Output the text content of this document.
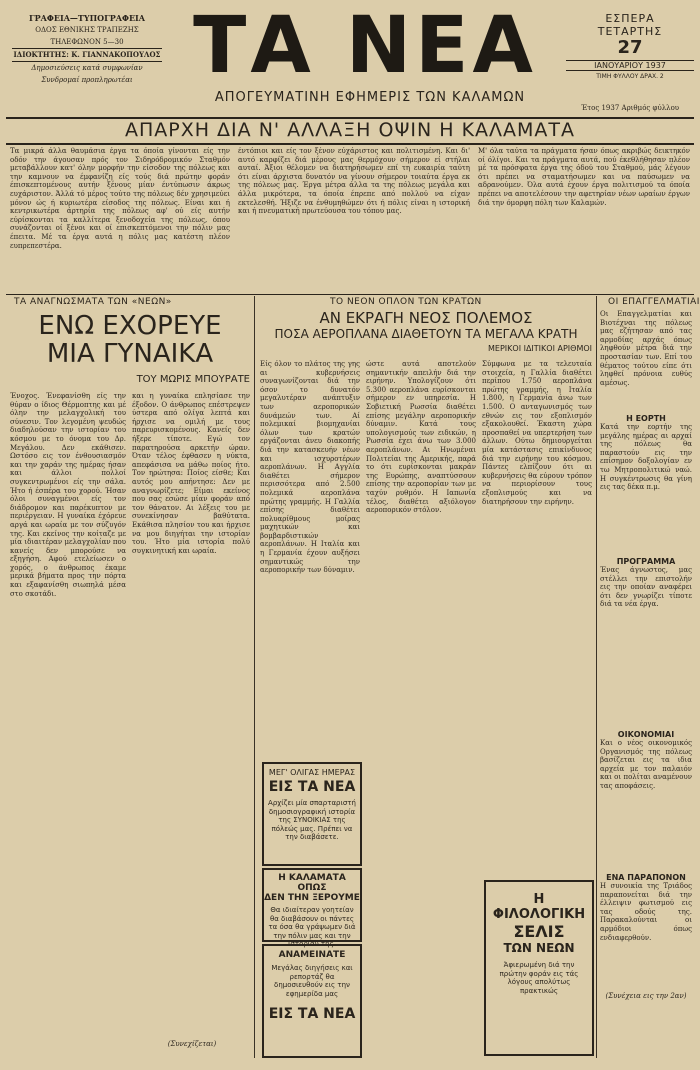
ΓΡΑΦΕΙΑ—ΤΥΠΟΓΡΑΦΕΙΑ
ΟΔΟΣ ΕΘΝΙΚΗΣ ΤΡΑΠΕΖΗΣ
ΤΗΛΕΦΩΝΟΝ 5—30
ΙΔΙΟΚΤΗΤΗΣ: Κ. ΓΙΑΝΝΑΚΟΠΟΥΛΟΣ
Δημοσιεύσεις κατά συμφωνίαν
Συνδρομαί προπληρωτέαι ΤΑ ΝΕΑ
ΑΠΟΓΕΥΜΑΤΙΝΗ ΕΦΗΜΕΡΙΣ ΤΩΝ ΚΑΛΑΜΩΝ
ΕΣΠΕΡΑ
ΤΕΤΑΡΤΗΣ
27
ΙΑΝΟΥΑΡΙΟΥ 1937
ΤΙΜΗ ΦΥΛΛΟΥ ΔΡΑΧ. 2
Έτος 1937 Αριθμός φύλλου
ΑΠΑΡΧΗ ΔΙΑ Ν' ΑΛΛΑΞΗ ΟΨΙΝ Η ΚΑΛΑΜΑΤΑ
Τα μικρά άλλα θαυμάσια έργα τα όποία γίνονται είς την οδόν την άγουσαν πρός τον Σιδηρόδρομικόν Σταθμόν μεταβάλλουν κατ' όλην μορφήν την είσοδον της πόλεως και την καμνουν να έμφανίζη είς τούς διά πρώτην φοράν έπισκεπτομένους αυτήν ξένους μίαν έντύπωσιν άκρως ευχάριστον. Άλλά τό μέρος τούτο της πόλεως δέν χρησιμεύει μόνον ώς ή κυριωτέρα είσοδος της πόλεως. Είναι και ή κεντρικωτέρα άρτηρία της πόλεως αφ' ού είς αυτήν εύρίσκονται τα καλλίτερα ξενοδοχεία της πόλεως, όπου συνάζονται οί ξένοι και οί επισκεπτόμενοι την πόλιν μας έπειτα. Μέ τα έργα αυτά η πόλις μας κατέστη πλέον ευπρεπεστέρα.
έντόπιοι και είς τον ξένον εύχάριστος και πολιτισμένη. Και δι' αυτό καρφίζει διά μέρους μας θερμόχουν σήμερον εί στήλαι αυταί. Άξιοι θέλομεν να διατηρήσωμεν επί τη ευκαιρία ταύτη ότι είναι άρχιστα δυνατόν να γίνουν σήμερον τοιαύτα έργα εκ της πόλεως μας. Έργα μέτρα άλλα τα της πόλεως μεγάλα και άλλα μικρότερα, τα όποία έπρεπε από πολλού να είχαν εκτελεσθή. Ήξιζε να ένθυμηθώμεν ότι ή πόλις είναι η ιστορική και ή πνευματική πρωτεύουσα του τόπου μας.
Μ' όλα ταύτα τα πράγματα ήσαν όπως ακριβώς δεικτηκόν οί όλίγοι. Και τα πράγματα αυτά, πού έκεθλήθησαν πλέον μέ τα πρόσφατα έργα της όδού του Σταθμού, μάς λέγουν ότι πρέπει να σταματήσωμεν και να παύσωμεν να αδρανούμεν. Όλα αυτά έχουν έργα πολιτισμού τα όποία πρέπει να αποτελέσουν την αφετηρίαν νέων ωραίων έργων διά την όμορφη πόλη των Καλαμών.
ΤΑ ΑΝΑΓΝΩΣΜΑΤΑ ΤΩΝ «ΝΕΩΝ»	ΤΟ ΝΕΟΝ ΟΠΛΟΝ ΤΩΝ ΚΡΑΤΩΝ	ΟΙ ΕΠΑΓΓΕΛΜΑΤΙΑΙ
ΕΝΩ ΕΧΟΡΕΥΕ
ΜΙΑ ΓΥΝΑΙΚΑ
ΤΟΥ ΜΩΡΙΣ ΜΠΟΥΡΑΤΕ
Ένοχος. Ένεφανίσθη είς την θύραν ο ίδιος Θέρμοπτης και μέ όλην την μελαγχολική του σύνεσιν. Τον λεγομένη ψευδώς διαδηλούσαν την ιστορίαν του κόσμου με το όνομα του Δρ. Μεγάλου. Δεν εκάθισεν. Ωστόσο εις τον ένθουσιασμόν και την χαράν της ημέρας ήσαν και άλλοι πολλοί συγκεντρωμένοι είς την σάλα. Ήτο ή έσπέρα του χορού. Ήσαν όλοι συναγμένοι είς τον διάδρομον και παρέκυπτον με περιέργειαν. Η γυναίκα έχόρευε αργά και ωραία με τον σύζυγόν της. Και εκείνος την κοίταζε με μία ιδιαιτέραν μελαγχολίαν που κανείς δεν μπορούσε να εξηγήση. Αφού ετελείωσεν ο χορός, ο άνθρωπος έκαμε μερικά βήματα προς την πόρτα και εξαφανίσθη σιωπηλά μέσα στο σκοτάδι.
και η γυναίκα επλησίασε την έξοδον. Ο άνθρωπος επέστρεψεν ύστερα από ολίγα λεπτά και ήρχισε να ομιλή με τους παρευρισκομένους. Κανείς δεν ήξερε τίποτε. Εγώ τον παρατηρούσα αρκετήν ώραν. Όταν τέλος έφθασεν η νύκτα, απεφάσισα να μάθω ποίος ήτο. Τον ηρώτησα: Ποίος είσθε; Και αυτός μου απήντησε: Δεν με αναγνωρίζετε; Είμαι εκείνος που σας εσώσε μίαν φοράν από τον θάνατον. Αι λέξεις του με συνεκίνησαν βαθύτατα. Εκάθισα πλησίον του και ήρχισε να μου διηγήται την ιστορίαν του. Ήτο μία ιστορία πολύ συγκινητική και ωραία.
(Συνεχίζεται)
ΑΝ ΕΚΡΑΓΗ ΝΕΟΣ ΠΟΛΕΜΟΣ
ΠΟΣΑ ΑΕΡΟΠΛΑΝΑ ΔΙΑΘΕΤΟΥΝ ΤΑ ΜΕΓΑΛΑ ΚΡΑΤΗ
ΜΕΡΙΚΟΙ ΙΔΙΤΙΚΟΙ ΑΡΙΘΜΟΙ
Είς όλον το πλάτος της γης αι κυβερνήσεις συναγωνίζονται διά την όσον το δυνατόν μεγαλυτέραν ανάπτυξιν των αεροπορικών δυνάμεών των. Αί πολεμικαί βιομηχανίαι όλων των κρατών εργάζονται άνευ διακοπής διά την κατασκευήν νέων και ισχυροτέρων αεροπλάνων. Η Αγγλία διαθέτει σήμερον περισσότερα από 2.500 πολεμικά αεροπλάνα πρώτης γραμμής. Η Γαλλία επίσης διαθέτει πολυαρίθμους μοίρας μαχητικών και βομβαρδιστικών αεροπλάνων. Η Ιταλία και η Γερμανία έχουν αυξήσει σημαντικώς την αεροπορικήν των δύναμιν.
ώστε αυτά αποτελούν σημαντικήν απειλήν διά την ειρήνην. Υπολογίζουν ότι 5.300 αεροπλάνα ευρίσκονται σήμερον εν υπηρεσία. Η Σοβιετική Ρωσσία διαθέτει επίσης μεγάλην αεροπορικήν δύναμιν. Κατά τους υπολογισμούς των ειδικών, η Ρωσσία έχει άνω των 3.000 αεροπλάνων. Αι Ηνωμέναι Πολιτείαι της Αμερικής, παρά το ότι ευρίσκονται μακράν της Ευρώπης, αναπτύσσουν επίσης την αεροπορίαν των με ταχύν ρυθμόν. Η Ιαπωνία τέλος, διαθέτει αξιόλογον αεροπορικόν στόλον.
Σύμφωνα με τα τελευταία στοιχεία, η Γαλλία διαθέτει περίπου 1.750 αεροπλάνα πρώτης γραμμής, η Ιταλία 1.800, η Γερμανία άνω των 1.500. Ο ανταγωνισμός των εθνών εις τον εξοπλισμόν εξακολουθεί. Έκαστη χώρα προσπαθεί να υπερτερήση των άλλων. Ούτω δημιουργείται μία κατάστασις επικίνδυνος διά την ειρήνην του κόσμου. Πάντες ελπίζουν ότι αι κυβερνήσεις θα εύρουν τρόπον να περιορίσουν τους εξοπλισμούς και να διατηρήσουν την ειρήνην.
ΜΕΓ' ΟΛΙΓΑΣ ΗΜΕΡΑΣ
ΕΙΣ ΤΑ ΝΕΑ
Αρχίζει μία σπαρταριστή δημοσιογραφική ιστορία της ΣΥΝΟΙΚΙΑΣ της πόλεώς μας. Πρέπει να την διαβάσετε.
Η ΚΑΛΑΜΑΤΑ ΟΠΩΣ
ΔΕΝ ΤΗΝ ΞΕΡΟΥΜΕ
Θα ιδιαίτεραν γοητείαν θα διαβάσουν οι πάντες τα όσα θα γράψωμεν διά την πόλιν μας και την ιστορίαν της.
ΑΝΑΜΕΙΝΑΤΕ
Μεγάλας διηγήσεις και ρεπορτάζ θα δημοσιευθούν εις την εφημερίδα μας
ΕΙΣ ΤΑ ΝΕΑ
Η ΦΙΛΟΛΟΓΙΚΗ
ΣΕΛΙΣ
ΤΩΝ ΝΕΩΝ
Άφιερωμένη διά την πρώτην φοράν εις τάς λόγους απολύτως πρακτικώς
Οι Επαγγελματίαι και Βιοτέχναι της πόλεως μας εζήτησαν από τας αρμοδίας αρχάς όπως ληφθούν μέτρα διά την προστασίαν των. Επί του θέματος τούτου είπε ότι ληφθεί πρόνοια ευθύς αμέσως.
Η ΕΟΡΤΗ
Κατά την εορτήν της μεγάλης ημέρας αι αρχαί της πόλεως θα παραστούν εις την επίσημον δοξολογίαν εν τω Μητροπολιτικώ ναώ. Η συγκέντρωσις θα γίνη εις τας δέκα π.μ.
ΠΡΟΓΡΑΜΜΑ
Ένας άγνωστος, μας στέλλει την επιστολήν εις την οποίαν αναφέρει ότι δεν γνωρίζει τίποτε διά τα νέα έργα.
ΟΙΚΟΝΟΜΙΑΙ
Και ο νέος οικονομικός Οργανισμός της πόλεως βασίζεται εις τα ιδια αρχεία με τον παλαιόν και οι πολίται αναμένουν τας αποφάσεις.
ΕΝΑ ΠΑΡΑΠΟΝΟΝ
Η συνοικία της Τριάδος παραπονείται διά την έλλειψιν φωτισμού εις τας οδούς της. Παρακαλούνται οι αρμόδιοι όπως ενδιαφερθούν.
(Συνέχεια εις την 2αν)
